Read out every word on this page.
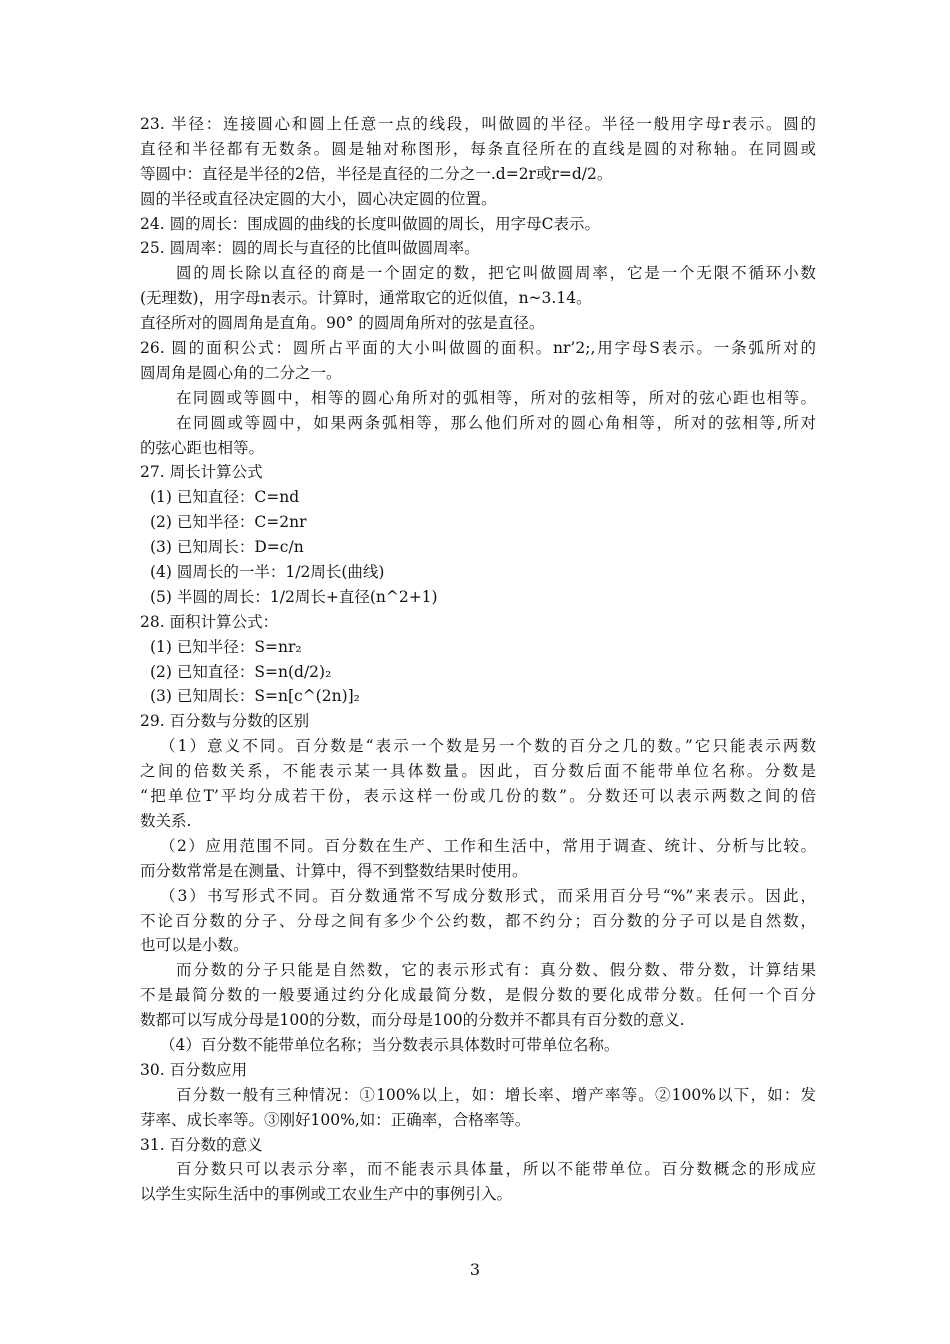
23. 半径：连接圆心和圆上任意一点的线段，叫做圆的半径。半径一般用字母r表示。圆的
直径和半径都有无数条。圆是轴对称图形，每条直径所在的直线是圆的对称轴。在同圆或
等圆中：直径是半径的2倍，半径是直径的二分之一.d=2r或r=d/2。
圆的半径或直径决定圆的大小，圆心决定圆的位置。
24. 圆的周长：围成圆的曲线的长度叫做圆的周长，用字母C表示。
25. 圆周率：圆的周长与直径的比值叫做圆周率。
圆的周长除以直径的商是一个固定的数，把它叫做圆周率，它是一个无限不循环小数
(无理数)，用字母n表示。计算时，通常取它的近似值，n~3.14。
直径所对的圆周角是直角。90° 的圆周角所对的弦是直径。
26. 圆的面积公式：圆所占平面的大小叫做圆的面积。nr’2;,用字母S表示。一条弧所对的
圆周角是圆心角的二分之一。
在同圆或等圆中，相等的圆心角所对的弧相等，所对的弦相等，所对的弦心距也相等。
在同圆或等圆中，如果两条弧相等，那么他们所对的圆心角相等，所对的弦相等,所对
的弦心距也相等。
27. 周长计算公式
(1) 已知直径：C=nd
(2) 已知半径：C=2nr
(3) 已知周长：D=c/n
(4) 圆周长的一半：1/2周长(曲线)
(5) 半圆的周长：1/2周长+直径(n^2+1)
28. 面积计算公式：
(1) 已知半径：S=nr₂
(2) 已知直径：S=n(d/2)₂
(3) 已知周长：S=n[c^(2n)]₂
29. 百分数与分数的区别
（1）意义不同。百分数是“表示一个数是另一个数的百分之几的数。”它只能表示两数
之间的倍数关系，不能表示某一具体数量。因此，百分数后面不能带单位名称。分数是
“把单位T’平均分成若干份，表示这样一份或几份的数”。分数还可以表示两数之间的倍
数关系.
（2）应用范围不同。百分数在生产、工作和生活中，常用于调查、统计、分析与比较。
而分数常常是在测量、计算中，得不到整数结果时使用。
（3）书写形式不同。百分数通常不写成分数形式，而采用百分号“%”来表示。因此，
不论百分数的分子、分母之间有多少个公约数，都不约分；百分数的分子可以是自然数，
也可以是小数。
而分数的分子只能是自然数，它的表示形式有：真分数、假分数、带分数，计算结果
不是最简分数的一般要通过约分化成最简分数，是假分数的要化成带分数。任何一个百分
数都可以写成分母是100的分数，而分母是100的分数并不都具有百分数的意义.
（4）百分数不能带单位名称；当分数表示具体数时可带单位名称。
30. 百分数应用
百分数一般有三种情况：①100%以上，如：增长率、增产率等。②100%以下，如：发
芽率、成长率等。③刚好100%,如：正确率，合格率等。
31. 百分数的意义
百分数只可以表示分率，而不能表示具体量，所以不能带单位。百分数概念的形成应
以学生实际生活中的事例或工农业生产中的事例引入。
3
